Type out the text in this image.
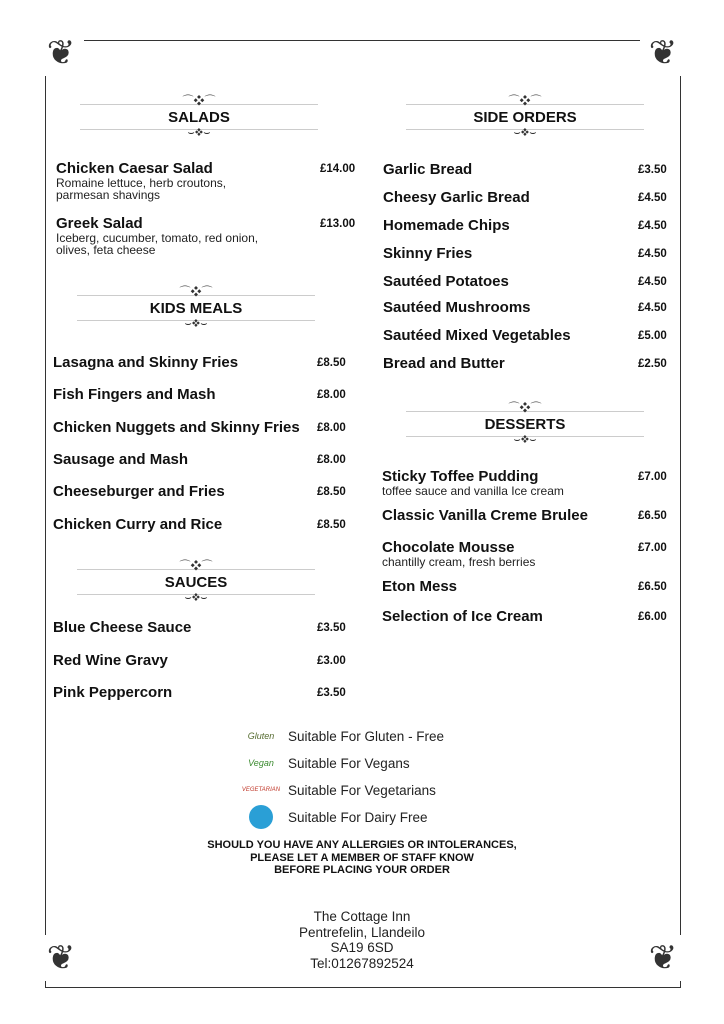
❦	❦
❦	❦
⌒❖⌒
⌣❖⌣
SALADS
⌒❖⌒
⌣❖⌣
SIDE ORDERS
⌒❖⌒
⌣❖⌣
KIDS MEALS
⌒❖⌒
⌣❖⌣
SAUCES
⌒❖⌒
⌣❖⌣
DESSERTS
Chicken Caesar Salad
Romaine lettuce, herb croutons,
parmesan shavings
£14.00
Greek Salad
Iceberg, cucumber, tomato, red onion,
olives, feta cheese
£13.00
Lasagna and Skinny Fries	£8.50
Fish Fingers and Mash	£8.00
Chicken Nuggets and Skinny Fries £8.00
Sausage and Mash	£8.00
Cheeseburger and Fries	£8.50
Chicken Curry and Rice	£8.50
Blue Cheese Sauce	£3.50
Red Wine Gravy	£3.00
Pink Peppercorn	£3.50
Garlic Bread	£3.50
Cheesy Garlic Bread	£4.50
Homemade Chips	£4.50
Skinny Fries	£4.50
Sautéed Potatoes	£4.50
Sautéed Mushrooms	£4.50
Sautéed Mixed Vegetables	£5.00
Bread and Butter	£2.50
Sticky Toffee Pudding
toffee sauce and vanilla Ice cream
£7.00
Classic Vanilla Creme Brulee	£6.50
Chocolate Mousse
chantilly cream, fresh berries
£7.00
Eton Mess	£6.50
Selection of Ice Cream	£6.00
Gluten Suitable For Gluten - Free
Vegan Suitable For Vegans
VEGETARIAN Suitable For Vegetarians
Suitable For Dairy Free
SHOULD YOU HAVE ANY ALLERGIES OR INTOLERANCES,
PLEASE LET A MEMBER OF STAFF KNOW
BEFORE PLACING YOUR ORDER
The Cottage Inn
Pentrefelin, Llandeilo
SA19 6SD
Tel:01267892524
